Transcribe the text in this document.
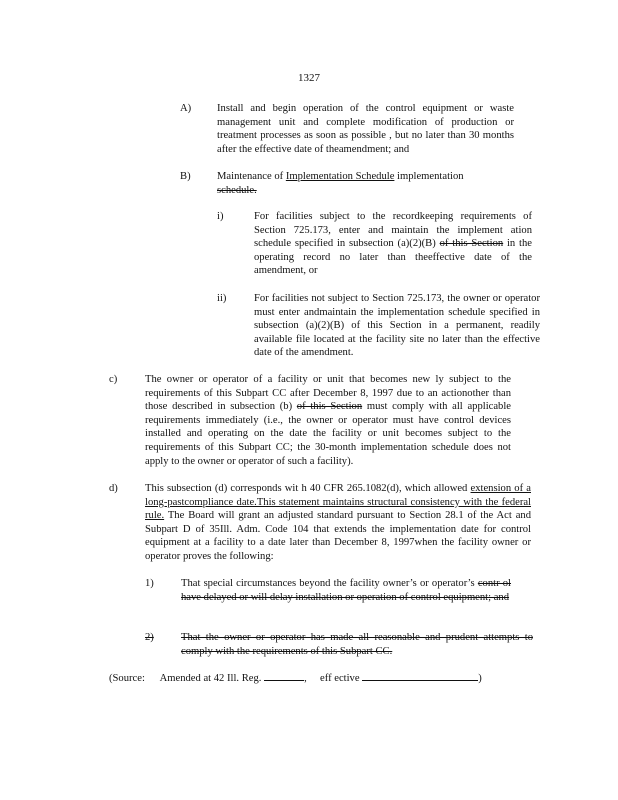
1327
A) Install and begin operation of the control equipment or waste management unit and complete modification of production or treatment processes as soon as possible , but no later than 30 months after the effective date of theamendment; and
B) Maintenance of Implementation Schedule implementation schedule.
i)	For facilities subject to the recordkeeping requirements of Section 725.173, enter and maintain the implement ation schedule specified in subsection (a)(2)(B) of this Section in the operating record no later than theeffective date of the amendment, or
ii)	For facilities not subject to Section 725.173, the owner or operator must enter andmaintain the implementation schedule specified in subsection (a)(2)(B) of this Section in a permanent, readily available file located at the facility site no later than the effective date of the amendment.
c)	The owner or operator of a facility or unit that becomes new ly subject to the requirements of this Subpart CC after December 8, 1997 due to an actionother than those described in subsection (b) of this Section must comply with all applicable requirements immediately (i.e., the owner or operator must have control devices installed and operating on the date the facility or unit becomes subject to the requirements of this Subpart CC; the 30-month implementation schedule does not apply to the owner or operator of such a facility).
d)	This subsection (d) corresponds wit h 40 CFR 265.1082(d), which allowed extension of a long-pastcompliance date.This statement maintains structural consistency with the federal rule. The Board will grant an adjusted standard pursuant to Section 28.1 of the Act and Subpart D of 35Ill. Adm. Code 104 that extends the implementation date for control equipment at a facility to a date later than December 8, 1997when the facility owner or operator proves the following:
1)	That special circumstances beyond the facility owner’s or operator’s contr ol have delayed or will delay installation or operation of control equipment; and
2)	That the owner or operator has made all reasonable and prudent attempts to comply with the requirements of this Subpart CC.
(Source: Amended at 42 Ill. Reg.	, eff ective	)
